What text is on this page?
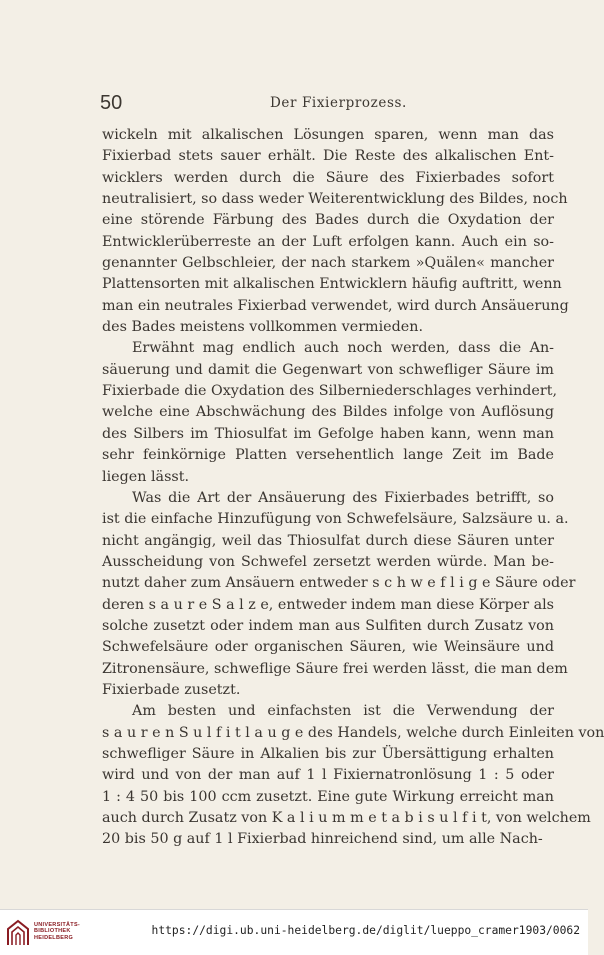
50	Der Fixierprozess.
wickeln mit alkalischen Lösungen sparen, wenn man das
Fixierbad stets sauer erhält. Die Reste des alkalischen Ent-
wicklers werden durch die Säure des Fixierbades sofort
neutralisiert, so dass weder Weiterentwicklung des Bildes, noch
eine störende Färbung des Bades durch die Oxydation der
Entwicklerüberreste an der Luft erfolgen kann. Auch ein so-
genannter Gelbschleier, der nach starkem »Quälen« mancher
Plattensorten mit alkalischen Entwicklern häufig auftritt, wenn
man ein neutrales Fixierbad verwendet, wird durch Ansäuerung
des Bades meistens vollkommen vermieden.
Erwähnt mag endlich auch noch werden, dass die An-
säuerung und damit die Gegenwart von schwefliger Säure im
Fixierbade die Oxydation des Silberniederschlages verhindert,
welche eine Abschwächung des Bildes infolge von Auflösung
des Silbers im Thiosulfat im Gefolge haben kann, wenn man
sehr feinkörnige Platten versehentlich lange Zeit im Bade
liegen lässt.
Was die Art der Ansäuerung des Fixierbades betrifft, so
ist die einfache Hinzufügung von Schwefelsäure, Salzsäure u. a.
nicht angängig, weil das Thiosulfat durch diese Säuren unter
Ausscheidung von Schwefel zersetzt werden würde. Man be-
nutzt daher zum Ansäuern entweder s c h w e f l i g e Säure oder
deren s a u r e S a l z e, entweder indem man diese Körper als
solche zusetzt oder indem man aus Sulfiten durch Zusatz von
Schwefelsäure oder organischen Säuren, wie Weinsäure und
Zitronensäure, schweflige Säure frei werden lässt, die man dem
Fixierbade zusetzt.
Am besten und einfachsten ist die Verwendung der
s a u r e n S u l f i t l a u g e des Handels, welche durch Einleiten von
schwefliger Säure in Alkalien bis zur Übersättigung erhalten
wird und von der man auf 1 l Fixiernatronlösung 1 : 5 oder
1 : 4 50 bis 100 ccm zusetzt. Eine gute Wirkung erreicht man
auch durch Zusatz von K a l i u m m e t a b i s u l f i t, von welchem
20 bis 50 g auf 1 l Fixierbad hinreichend sind, um alle Nach-
UNIVERSITÄTS-
BIBLIOTHEK
HEIDELBERG
https://digi.ub.uni-heidelberg.de/diglit/lueppo_cramer1903/0062
